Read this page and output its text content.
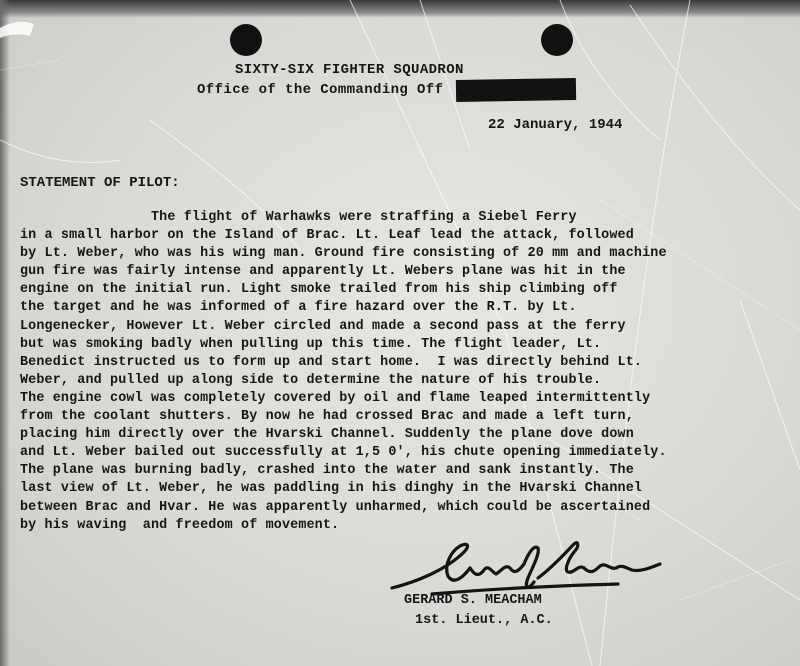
SIXTY-SIX FIGHTER SQUADRON
Office of the Commanding Off
22 January, 1944
STATEMENT OF PILOT:
The flight of Warhawks were straffing a Siebel Ferry
in a small harbor on the Island of Brac. Lt. Leaf lead the attack, followed
by Lt. Weber, who was his wing man. Ground fire consisting of 20 mm and machine
gun fire was fairly intense and apparently Lt. Webers plane was hit in the
engine on the initial run. Light smoke trailed from his ship climbing off
the target and he was informed of a fire hazard over the R.T. by Lt.
Longenecker, However Lt. Weber circled and made a second pass at the ferry
but was smoking badly when pulling up this time. The flight leader, Lt.
Benedict instructed us to form up and start home.  I was directly behind Lt.
Weber, and pulled up along side to determine the nature of his trouble.
The engine cowl was completely covered by oil and flame leaped intermittently
from the coolant shutters. By now he had crossed Brac and made a left turn,
placing him directly over the Hvarski Channel. Suddenly the plane dove down
and Lt. Weber bailed out successfully at 1,5 0', his chute opening immediately.
The plane was burning badly, crashed into the water and sank instantly. The
last view of Lt. Weber, he was paddling in his dinghy in the Hvarski Channel
between Brac and Hvar. He was apparently unharmed, which could be ascertained
by his waving  and freedom of movement.
GERARD S. MEACHAM
1st. Lieut., A.C.
